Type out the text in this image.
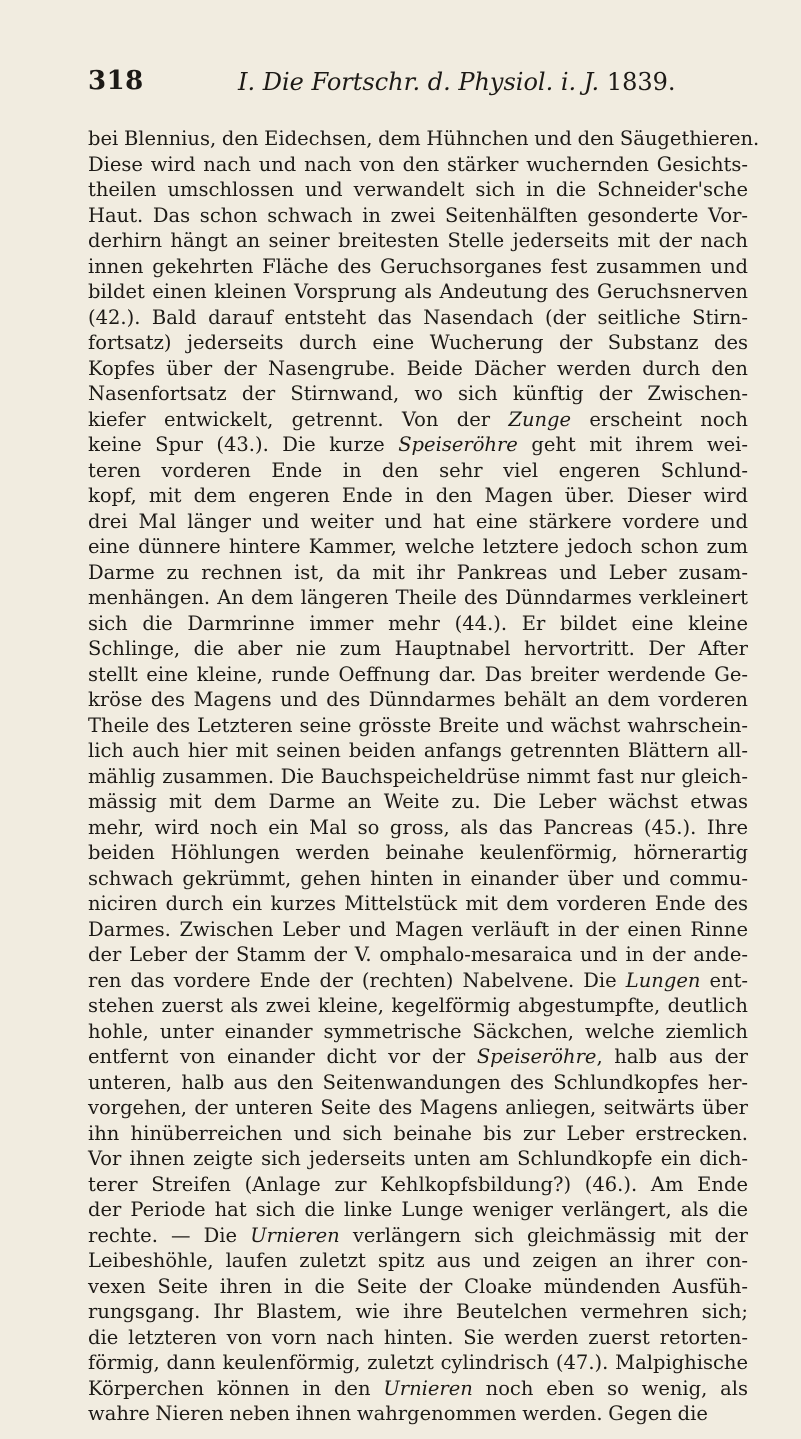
318	I. Die Fortschr. d. Physiol. i. J. 1839.
bei Blennius, den Eidechsen, dem Hühnchen und den Säugethieren.
Diese wird nach und nach von den stärker wuchernden Gesichts-
theilen umschlossen und verwandelt sich in die Schneider'sche
Haut. Das schon schwach in zwei Seitenhälften gesonderte Vor-
derhirn hängt an seiner breitesten Stelle jederseits mit der nach
innen gekehrten Fläche des Geruchsorganes fest zusammen und
bildet einen kleinen Vorsprung als Andeutung des Geruchsnerven
(42.). Bald darauf entsteht das Nasendach (der seitliche Stirn-
fortsatz) jederseits durch eine Wucherung der Substanz des
Kopfes über der Nasengrube. Beide Dächer werden durch den
Nasenfortsatz der Stirnwand, wo sich künftig der Zwischen-
kiefer entwickelt, getrennt. Von der Zunge erscheint noch
keine Spur (43.). Die kurze Speiseröhre geht mit ihrem wei-
teren vorderen Ende in den sehr viel engeren Schlund-
kopf, mit dem engeren Ende in den Magen über. Dieser wird
drei Mal länger und weiter und hat eine stärkere vordere und
eine dünnere hintere Kammer, welche letztere jedoch schon zum
Darme zu rechnen ist, da mit ihr Pankreas und Leber zusam-
menhängen. An dem längeren Theile des Dünndarmes verkleinert
sich die Darmrinne immer mehr (44.). Er bildet eine kleine
Schlinge, die aber nie zum Hauptnabel hervortritt. Der After
stellt eine kleine, runde Oeffnung dar. Das breiter werdende Ge-
kröse des Magens und des Dünndarmes behält an dem vorderen
Theile des Letzteren seine grösste Breite und wächst wahrschein-
lich auch hier mit seinen beiden anfangs getrennten Blättern all-
mählig zusammen. Die Bauchspeicheldrüse nimmt fast nur gleich-
mässig mit dem Darme an Weite zu. Die Leber wächst etwas
mehr, wird noch ein Mal so gross, als das Pancreas (45.). Ihre
beiden Höhlungen werden beinahe keulenförmig, hörnerartig
schwach gekrümmt, gehen hinten in einander über und commu-
niciren durch ein kurzes Mittelstück mit dem vorderen Ende des
Darmes. Zwischen Leber und Magen verläuft in der einen Rinne
der Leber der Stamm der V. omphalo-mesaraica und in der ande-
ren das vordere Ende der (rechten) Nabelvene. Die Lungen ent-
stehen zuerst als zwei kleine, kegelförmig abgestumpfte, deutlich
hohle, unter einander symmetrische Säckchen, welche ziemlich
entfernt von einander dicht vor der Speiseröhre, halb aus der
unteren, halb aus den Seitenwandungen des Schlundkopfes her-
vorgehen, der unteren Seite des Magens anliegen, seitwärts über
ihn hinüberreichen und sich beinahe bis zur Leber erstrecken.
Vor ihnen zeigte sich jederseits unten am Schlundkopfe ein dich-
terer Streifen (Anlage zur Kehlkopfsbildung?) (46.). Am Ende
der Periode hat sich die linke Lunge weniger verlängert, als die
rechte. — Die Urnieren verlängern sich gleichmässig mit der
Leibeshöhle, laufen zuletzt spitz aus und zeigen an ihrer con-
vexen Seite ihren in die Seite der Cloake mündenden Ausfüh-
rungsgang. Ihr Blastem, wie ihre Beutelchen vermehren sich;
die letzteren von vorn nach hinten. Sie werden zuerst retorten-
förmig, dann keulenförmig, zuletzt cylindrisch (47.). Malpighische
Körperchen können in den Urnieren noch eben so wenig, als
wahre Nieren neben ihnen wahrgenommen werden. Gegen die
